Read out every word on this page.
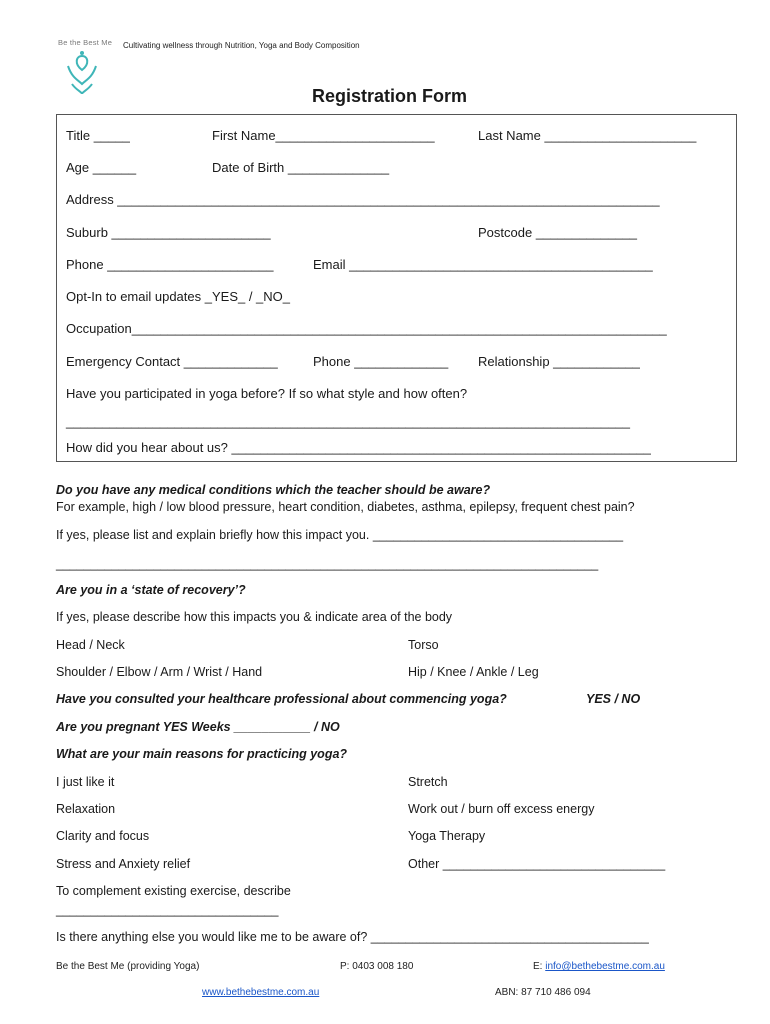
Be the Best Me Cultivating wellness through Nutrition, Yoga and Body Composition
Registration Form
Title _____	First Name______________________	Last Name _____________________
Age ______	Date of Birth ______________
Address ___________________________________________________________________________
Suburb ______________________	Postcode ______________
Phone _______________________	Email __________________________________________
Opt-In to email updates _YES_ / _NO_
Occupation__________________________________________________________________________
Emergency Contact _____________	Phone _____________ Relationship ____________
Have you participated in yoga before? If so what style and how often?
______________________________________________________________________________
How did you hear about us? __________________________________________________________
Do you have any medical conditions which the teacher should be aware?
For example, high / low blood pressure, heart condition, diabetes, asthma, epilepsy, frequent chest pain?
If yes, please list and explain briefly how this impact you. ____________________________________
______________________________________________________________________________
Are you in a ‘state of recovery’?
If yes, please describe how this impacts you & indicate area of the body
Head / Neck	Torso
Shoulder / Elbow / Arm / Wrist / Hand	Hip / Knee / Ankle / Leg
Have you consulted your healthcare professional about commencing yoga?	YES / NO
Are you pregnant YES Weeks ___________ / NO
What are your main reasons for practicing yoga?
I just like it	Stretch
Relaxation	Work out / burn off excess energy
Clarity and focus	Yoga Therapy
Stress and Anxiety relief	Other ________________________________
To complement existing exercise, describe
________________________________
Is there anything else you would like me to be aware of? ________________________________________
Be the Best Me (providing Yoga)	P: 0403 008 180	E: info@bethebestme.com.au
www.bethebestme.com.au	ABN: 87 710 486 094
